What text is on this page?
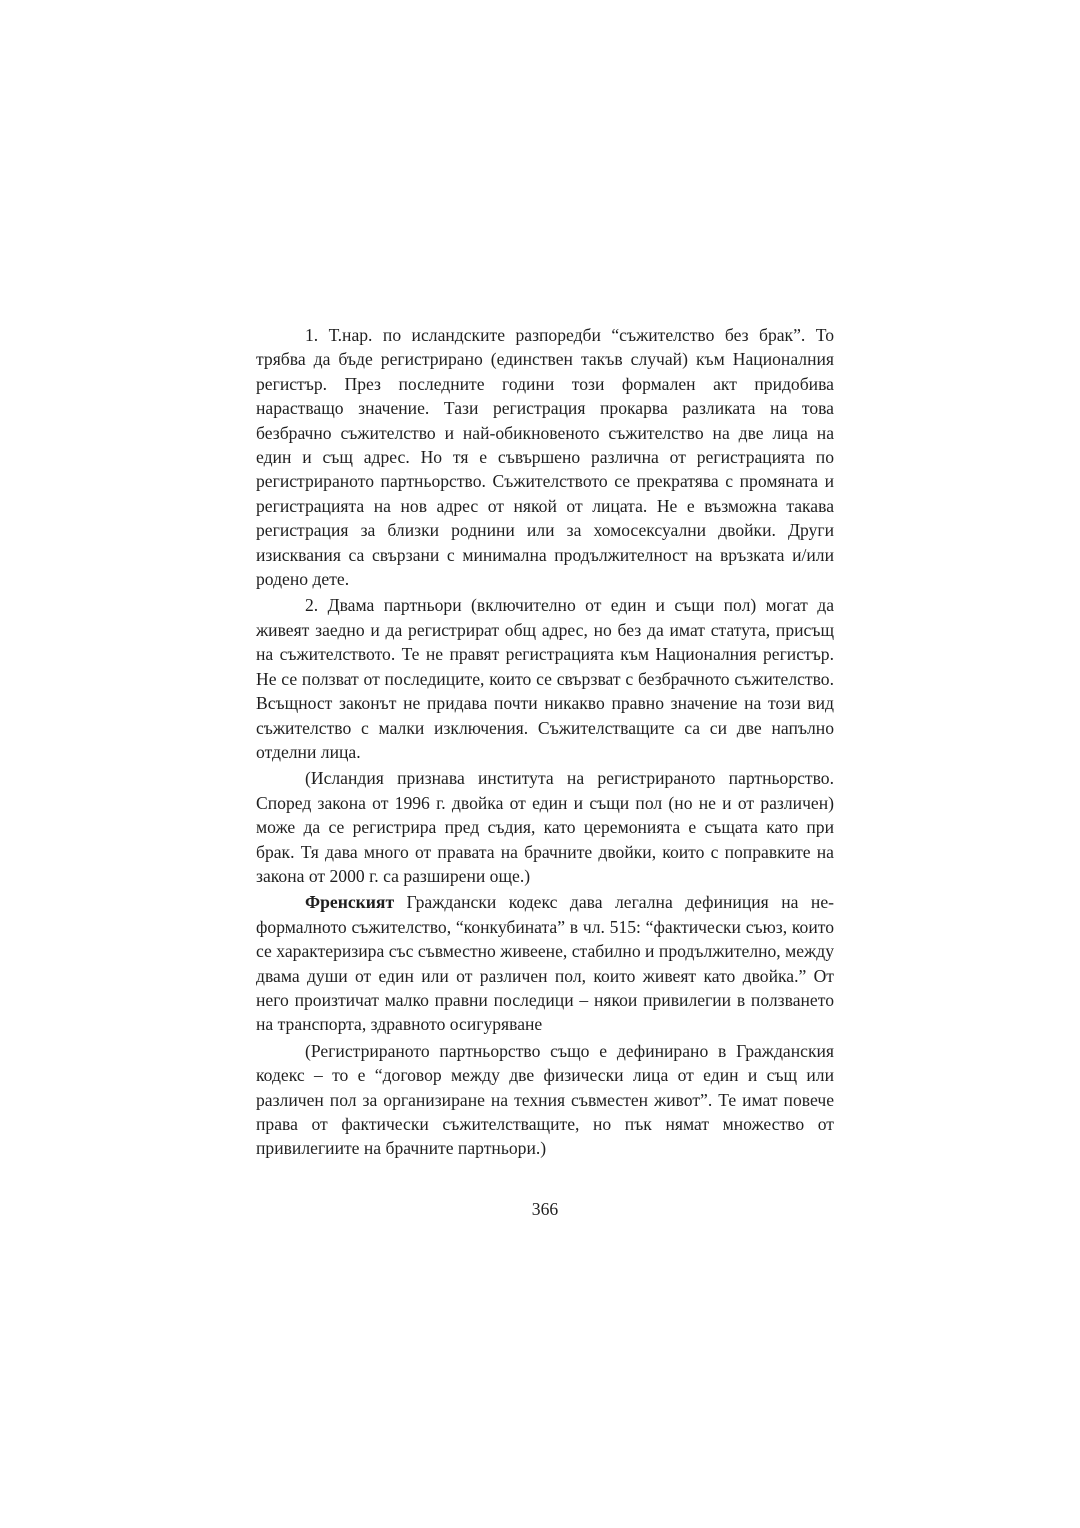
1. Т.нар. по исландските разпоредби “съжителство без брак”. То трябва да бъде регистрирано (единствен такъв случай) към Националния регистър. През последните години този формален акт придобива нарастващо значение. Тази регистрация прокарва разликата на това безбрачно съжителство и най-обикновеното съжителство на две лица на един и същ адрес. Но тя е съвършено различна от регистрацията по регистрираното партньорство. Съжителството се прекратява с промяната и регистрацията на нов адрес от някой от лицата. Не е възможна такава регистрация за близки роднини или за хомосексуални двойки. Други изисквания са свързани с минимална продължителност на връзката и/или родено дете.

2. Двама партньори (включително от един и същи пол) могат да живеят заедно и да регистрират общ адрес, но без да имат статута, присъщ на съжителството. Те не правят регистрацията към Националния регистър. Не се ползват от последиците, които се свързват с безбрачното съжителство. Всъщност законът не придава почти никакво правно значение на този вид съжителство с малки изключения. Съжителстващите са си две напълно отделни лица.

(Исландия признава института на регистрираното партньорство. Според закона от 1996 г. двойка от един и същи пол (но не и от различен) може да се регистрира пред съдия, като церемонията е същата като при брак. Тя дава много от правата на брачните двойки, които с поправките на закона от 2000 г. са разширени още.)

Френският Граждански кодекс дава легална дефиниция на неформалното съжителство, “конкубината” в чл. 515: “фактически съюз, които се характеризира със съвместно живеене, стабилно и продължително, между двама души от един или от различен пол, които живеят като двойка.” От него произтичат малко правни последици – някои привилегии в ползването на транспорта, здравното осигуряване

(Регистрираното партньорство също е дефинирано в Гражданския кодекс – то е “договор между две физически лица от един и същ или различен пол за организиране на техния съвместен живот”. Те имат повече права от фактически съжителстващите, но пък нямат множество от привилегиите на брачните партньори.)

366
